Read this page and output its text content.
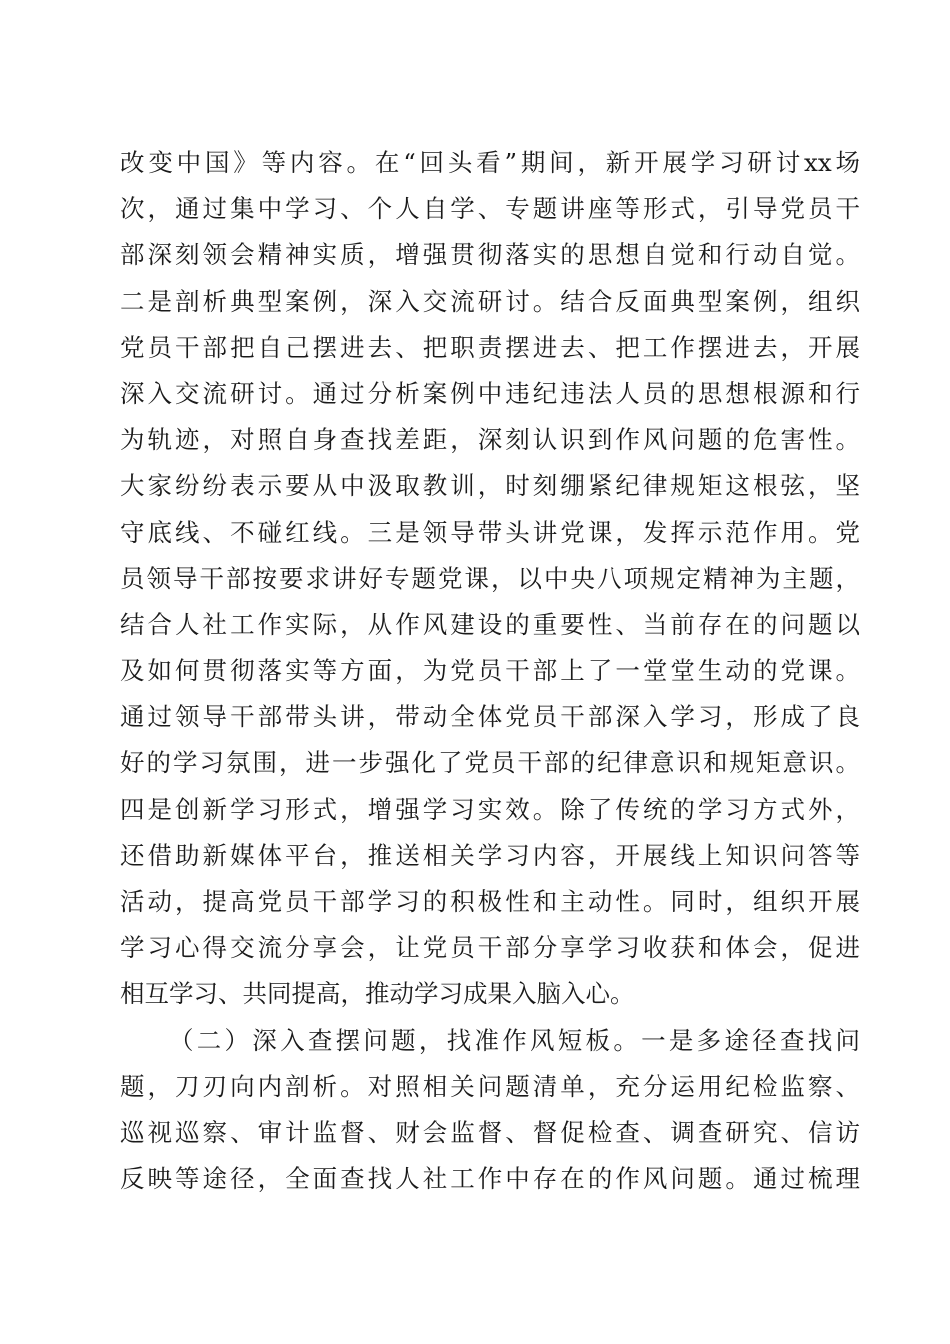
改变中国》等内容。在“回头看”期间，新开展学习研讨xx场
次，通过集中学习、个人自学、专题讲座等形式，引导党员干
部深刻领会精神实质，增强贯彻落实的思想自觉和行动自觉。
二是剖析典型案例，深入交流研讨。结合反面典型案例，组织
党员干部把自己摆进去、把职责摆进去、把工作摆进去，开展
深入交流研讨。通过分析案例中违纪违法人员的思想根源和行
为轨迹，对照自身查找差距，深刻认识到作风问题的危害性。
大家纷纷表示要从中汲取教训，时刻绷紧纪律规矩这根弦，坚
守底线、不碰红线。三是领导带头讲党课，发挥示范作用。党
员领导干部按要求讲好专题党课，以中央八项规定精神为主题，
结合人社工作实际，从作风建设的重要性、当前存在的问题以
及如何贯彻落实等方面，为党员干部上了一堂堂生动的党课。
通过领导干部带头讲，带动全体党员干部深入学习，形成了良
好的学习氛围，进一步强化了党员干部的纪律意识和规矩意识。
四是创新学习形式，增强学习实效。除了传统的学习方式外，
还借助新媒体平台，推送相关学习内容，开展线上知识问答等
活动，提高党员干部学习的积极性和主动性。同时，组织开展
学习心得交流分享会，让党员干部分享学习收获和体会，促进
相互学习、共同提高，推动学习成果入脑入心。
（二）深入查摆问题，找准作风短板。一是多途径查找问
题，刀刃向内剖析。对照相关问题清单，充分运用纪检监察、
巡视巡察、审计监督、财会监督、督促检查、调查研究、信访
反映等途径，全面查找人社工作中存在的作风问题。通过梳理
